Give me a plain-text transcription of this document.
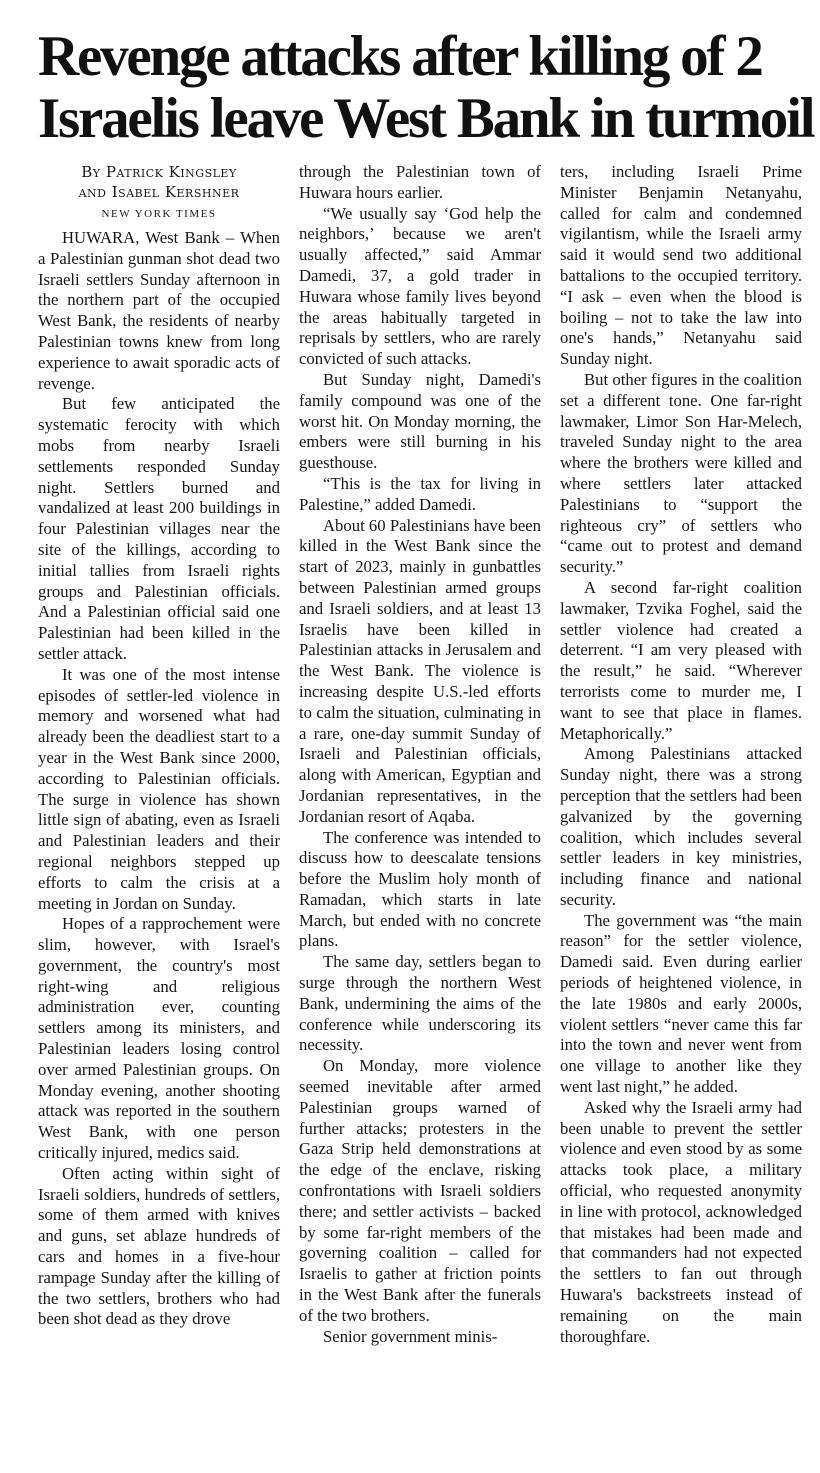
Revenge attacks after killing of 2
Israelis leave West Bank in turmoil
By Patrick Kingsley
and Isabel Kershner
NEW YORK TIMES

HUWARA, West Bank – When a Palestinian gunman shot dead two Israeli settlers Sunday afternoon in the northern part of the occupied West Bank, the residents of nearby Palestinian towns knew from long experience to await sporadic acts of revenge.

But few anticipated the systematic ferocity with which mobs from nearby Israeli settlements responded Sunday night. Settlers burned and vandalized at least 200 buildings in four Palestinian villages near the site of the killings, according to initial tallies from Israeli rights groups and Palestinian officials. And a Palestinian official said one Palestinian had been killed in the settler attack.

It was one of the most intense episodes of settler-led violence in memory and worsened what had already been the deadliest start to a year in the West Bank since 2000, according to Palestinian officials. The surge in violence has shown little sign of abating, even as Israeli and Palestinian leaders and their regional neighbors stepped up efforts to calm the crisis at a meeting in Jordan on Sunday.

Hopes of a rapprochement were slim, however, with Israel's government, the country's most right-wing and religious administration ever, counting settlers among its ministers, and Palestinian leaders losing control over armed Palestinian groups. On Monday evening, another shooting attack was reported in the southern West Bank, with one person critically injured, medics said.

Often acting within sight of Israeli soldiers, hundreds of settlers, some of them armed with knives and guns, set ablaze hundreds of cars and homes in a five-hour rampage Sunday after the killing of the two settlers, brothers who had been shot dead as they drove

through the Palestinian town of Huwara hours earlier.

“We usually say ‘God help the neighbors,’ because we aren't usually affected,” said Ammar Damedi, 37, a gold trader in Huwara whose family lives beyond the areas habitually targeted in reprisals by settlers, who are rarely convicted of such attacks.

But Sunday night, Damedi's family compound was one of the worst hit. On Monday morning, the embers were still burning in his guesthouse.

“This is the tax for living in Palestine,” added Damedi.

About 60 Palestinians have been killed in the West Bank since the start of 2023, mainly in gunbattles between Palestinian armed groups and Israeli soldiers, and at least 13 Israelis have been killed in Palestinian attacks in Jerusalem and the West Bank. The violence is increasing despite U.S.-led efforts to calm the situation, culminating in a rare, one-day summit Sunday of Israeli and Palestinian officials, along with American, Egyptian and Jordanian representatives, in the Jordanian resort of Aqaba.

The conference was intended to discuss how to deescalate tensions before the Muslim holy month of Ramadan, which starts in late March, but ended with no concrete plans.

The same day, settlers began to surge through the northern West Bank, undermining the aims of the conference while underscoring its necessity.

On Monday, more violence seemed inevitable after armed Palestinian groups warned of further attacks; protesters in the Gaza Strip held demonstrations at the edge of the enclave, risking confrontations with Israeli soldiers there; and settler activists – backed by some far-right members of the governing coalition – called for Israelis to gather at friction points in the West Bank after the funerals of the two brothers.

Senior government minis-

ters, including Israeli Prime Minister Benjamin Netanyahu, called for calm and condemned vigilantism, while the Israeli army said it would send two additional battalions to the occupied territory. “I ask – even when the blood is boiling – not to take the law into one's hands,” Netanyahu said Sunday night.

But other figures in the coalition set a different tone. One far-right lawmaker, Limor Son Har-Melech, traveled Sunday night to the area where the brothers were killed and where settlers later attacked Palestinians to “support the righteous cry” of settlers who “came out to protest and demand security.”

A second far-right coalition lawmaker, Tzvika Foghel, said the settler violence had created a deterrent. “I am very pleased with the result,” he said. “Wherever terrorists come to murder me, I want to see that place in flames. Metaphorically.”

Among Palestinians attacked Sunday night, there was a strong perception that the settlers had been galvanized by the governing coalition, which includes several settler leaders in key ministries, including finance and national security.

The government was “the main reason” for the settler violence, Damedi said. Even during earlier periods of heightened violence, in the late 1980s and early 2000s, violent settlers “never came this far into the town and never went from one village to another like they went last night,” he added.

Asked why the Israeli army had been unable to prevent the settler violence and even stood by as some attacks took place, a military official, who requested anonymity in line with protocol, acknowledged that mistakes had been made and that commanders had not expected the settlers to fan out through Huwara's backstreets instead of remaining on the main thoroughfare.
